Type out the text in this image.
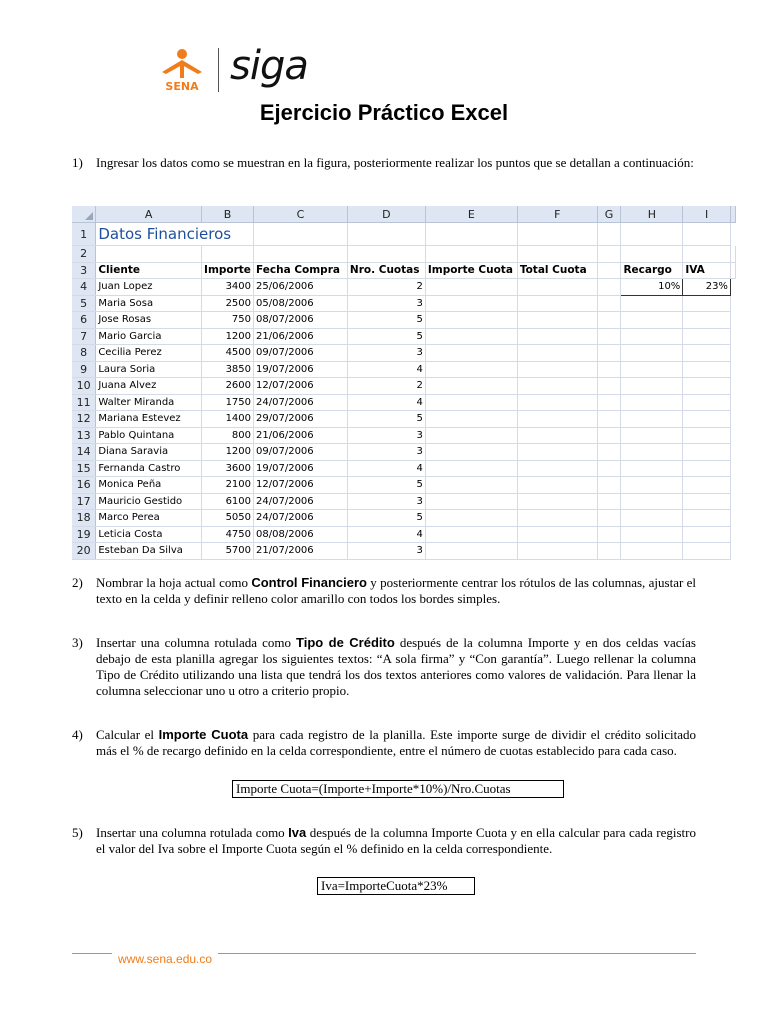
SENA siga
Ejercicio Práctico Excel
1) Ingresar los datos como se muestran en la figura, posteriormente realizar los puntos que se detallan a continuación:
	A	B	C	D	E	F	G	H	I	
1	Datos Financieros									
2										
3	Cliente	Importe	Fecha Compra	Nro. Cuotas	Importe Cuota	Total Cuota		Recargo	IVA	
4	Juan Lopez	3400	25/06/2006	2				10%	23%	
5	Maria Sosa	2500	05/08/2006	3						
6	Jose Rosas	750	08/07/2006	5						
7	Mario Garcia	1200	21/06/2006	5						
8	Cecilia Perez	4500	09/07/2006	3						
9	Laura Soria	3850	19/07/2006	4						
10	Juana Alvez	2600	12/07/2006	2						
11	Walter Miranda	1750	24/07/2006	4						
12	Mariana Estevez	1400	29/07/2006	5						
13	Pablo Quintana	800	21/06/2006	3						
14	Diana Saravia	1200	09/07/2006	3						
15	Fernanda Castro	3600	19/07/2006	4						
16	Monica Peña	2100	12/07/2006	5						
17	Mauricio Gestido	6100	24/07/2006	3						
18	Marco Perea	5050	24/07/2006	5						
19	Leticia Costa	4750	08/08/2006	4						
20	Esteban Da Silva	5700	21/07/2006	3						
2) Nombrar la hoja actual como Control Financiero y posteriormente centrar los rótulos de las columnas, ajustar el texto en la celda y definir relleno color amarillo con todos los bordes simples.
3) Insertar una columna rotulada como Tipo de Crédito después de la columna Importe y en dos celdas vacías debajo de esta planilla agregar los siguientes textos: “A sola firma” y “Con garantía”. Luego rellenar la columna Tipo de Crédito utilizando una lista que tendrá los dos textos anteriores como valores de validación. Para llenar la columna seleccionar uno u otro a criterio propio.
4) Calcular el Importe Cuota para cada registro de la planilla. Este importe surge de dividir el crédito solicitado más el % de recargo definido en la celda correspondiente, entre el número de cuotas establecido para cada caso.
Importe Cuota=(Importe+Importe*10%)/Nro.Cuotas
5) Insertar una columna rotulada como Iva después de la columna Importe Cuota y en ella calcular para cada registro el valor del Iva sobre el Importe Cuota según el % definido en la celda correspondiente.
Iva=ImporteCuota*23%
www.sena.edu.co
